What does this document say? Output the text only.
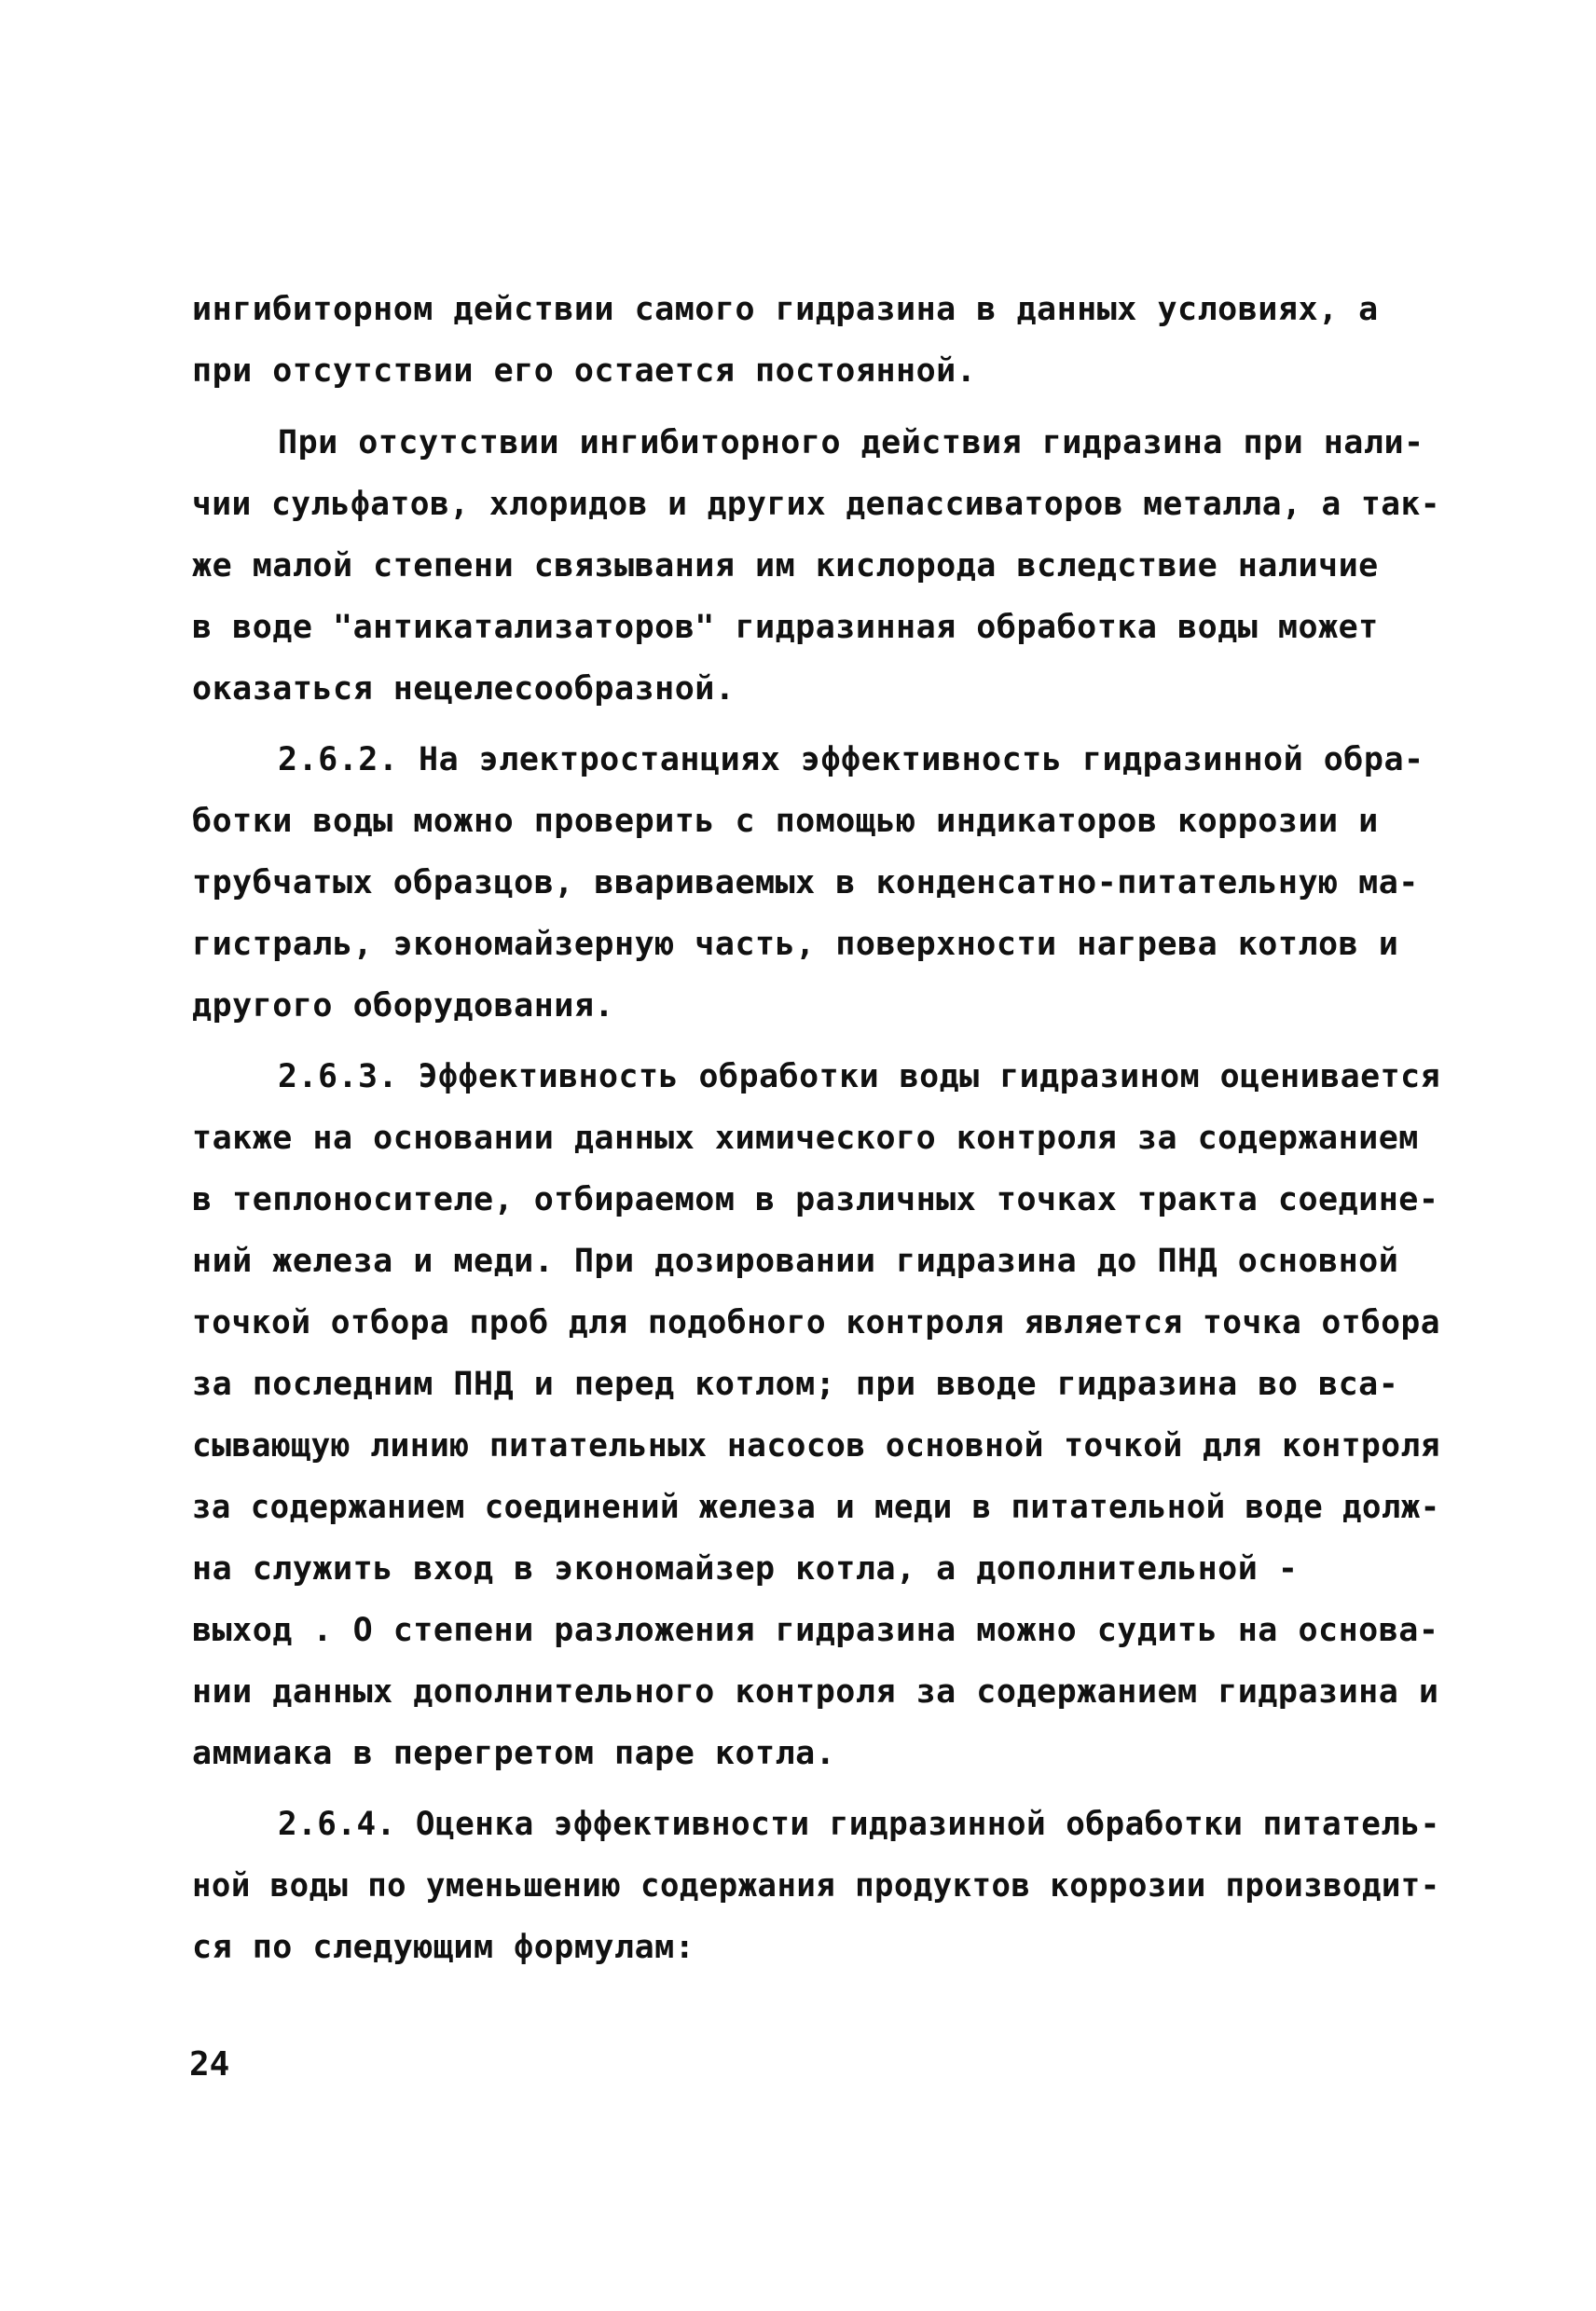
ингибиторном действии самого гидразина в данных условиях, а
при отсутствии его остается постоянной.
При отсутствии ингибиторного действия гидразина при нали-
чии сульфатов, хлоридов и других депассиваторов металла, а так-
же малой степени связывания им кислорода вследствие наличие
в воде "антикатализаторов" гидразинная обработка воды может
оказаться нецелесообразной.
2.6.2. На электростанциях эффективность гидразинной обра-
ботки воды можно проверить с помощью индикаторов коррозии и
трубчатых образцов, ввариваемых в конденсатно-питательную ма-
гистраль, экономайзерную часть, поверхности нагрева котлов и
другого оборудования.
2.6.3. Эффективность обработки воды гидразином оценивается
также на основании данных химического контроля за содержанием
в теплоносителе, отбираемом в различных точках тракта соедине-
ний железа и меди. При дозировании гидразина до ПНД основной
точкой отбора проб для подобного контроля является точка отбора
за последним ПНД и перед котлом; при вводе гидразина во вса-
сывающую линию питательных насосов основной точкой для контроля
за содержанием соединений железа и меди в питательной воде долж-
на служить вход в экономайзер котла, а дополнительной -
выход . О степени разложения гидразина можно судить на основа-
нии данных дополнительного контроля за содержанием гидразина и
аммиака в перегретом паре котла.
2.6.4. Оценка эффективности гидразинной обработки питатель-
ной воды по уменьшению содержания продуктов коррозии производит-
ся по следующим формулам:
24
